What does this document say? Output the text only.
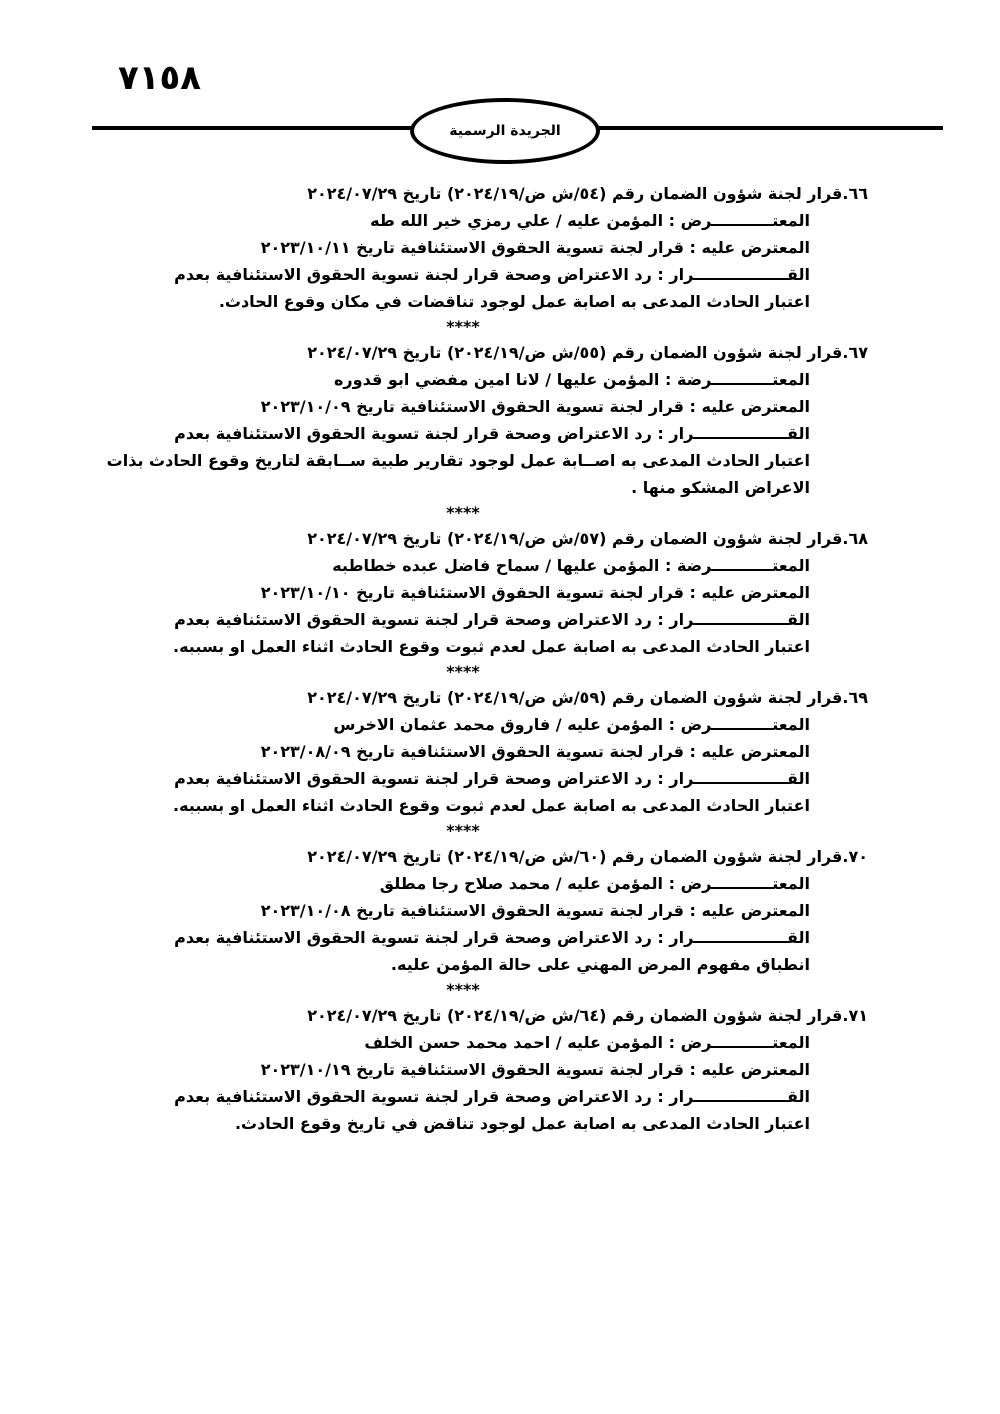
٧١٥٨
الجريدة الرسمية
٦٦.قرار لجنة شؤون الضمان رقم (٥٤/ش ض/٢٠٢٤/١٩) تاريخ ٢٠٢٤/٠٧/٢٩
المعتـــــــــــرض : المؤمن عليه / علي رمزي خير الله طه
المعترض عليه : قرار لجنة تسوية الحقوق الاستئنافية تاريخ ٢٠٢٣/١٠/١١
القـــــــــــــــــرار : رد الاعتراض وصحة قرار لجنة تسوية الحقوق الاستئنافية بعدم
اعتبار الحادث المدعى به اصابة عمل لوجود تناقضات في مكان وقوع الحادث.
****
٦٧.قرار لجنة شؤون الضمان رقم (٥٥/ش ض/٢٠٢٤/١٩) تاريخ ٢٠٢٤/٠٧/٢٩
المعتـــــــــــرضة : المؤمن عليها / لانا امين مفضي ابو قدوره
المعترض عليه : قرار لجنة تسوية الحقوق الاستئنافية تاريخ ٢٠٢٣/١٠/٠٩
القـــــــــــــــــرار : رد الاعتراض وصحة قرار لجنة تسوية الحقوق الاستئنافية بعدم
اعتبار الحادث المدعى به اصــابة عمل لوجود تقارير طبية ســابقة لتاريخ وقوع الحادث بذات
الاعراض المشكو منها .
****
٦٨.قرار لجنة شؤون الضمان رقم (٥٧/ش ض/٢٠٢٤/١٩) تاريخ ٢٠٢٤/٠٧/٢٩
المعتـــــــــــرضة : المؤمن عليها / سماح فاضل عبده خطاطبه
المعترض عليه : قرار لجنة تسوية الحقوق الاستئنافية تاريخ ٢٠٢٣/١٠/١٠
القـــــــــــــــــرار : رد الاعتراض وصحة قرار لجنة تسوية الحقوق الاستئنافية بعدم
اعتبار الحادث المدعى به اصابة عمل لعدم ثبوت وقوع الحادث اثناء العمل او بسببه.
****
٦٩.قرار لجنة شؤون الضمان رقم (٥٩/ش ض/٢٠٢٤/١٩) تاريخ ٢٠٢٤/٠٧/٢٩
المعتـــــــــــرض : المؤمن عليه / فاروق محمد عثمان الاخرس
المعترض عليه : قرار لجنة تسوية الحقوق الاستئنافية تاريخ ٢٠٢٣/٠٨/٠٩
القـــــــــــــــــرار : رد الاعتراض وصحة قرار لجنة تسوية الحقوق الاستئنافية بعدم
اعتبار الحادث المدعى به اصابة عمل لعدم ثبوت وقوع الحادث اثناء العمل او بسببه.
****
٧٠.قرار لجنة شؤون الضمان رقم (٦٠/ش ض/٢٠٢٤/١٩) تاريخ ٢٠٢٤/٠٧/٢٩
المعتـــــــــــرض : المؤمن عليه / محمد صلاح رجا مطلق
المعترض عليه : قرار لجنة تسوية الحقوق الاستئنافية تاريخ ٢٠٢٣/١٠/٠٨
القـــــــــــــــــرار : رد الاعتراض وصحة قرار لجنة تسوية الحقوق الاستئنافية بعدم
انطباق مفهوم المرض المهني على حالة المؤمن عليه.
****
٧١.قرار لجنة شؤون الضمان رقم (٦٤/ش ض/٢٠٢٤/١٩) تاريخ ٢٠٢٤/٠٧/٢٩
المعتـــــــــــرض : المؤمن عليه / احمد محمد حسن الخلف
المعترض عليه : قرار لجنة تسوية الحقوق الاستئنافية تاريخ ٢٠٢٣/١٠/١٩
القـــــــــــــــــرار : رد الاعتراض وصحة قرار لجنة تسوية الحقوق الاستئنافية بعدم
اعتبار الحادث المدعى به اصابة عمل لوجود تناقض في تاريخ وقوع الحادث.
